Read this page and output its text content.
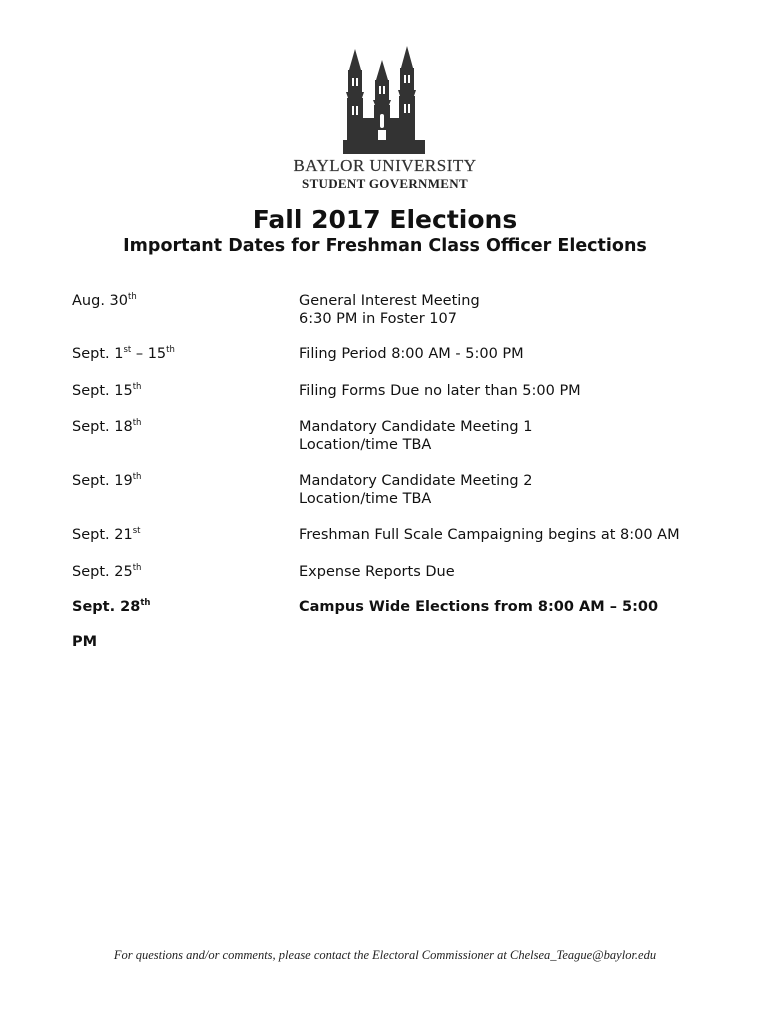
BAYLOR UNIVERSITY
STUDENT GOVERNMENT
Fall 2017 Elections
Important Dates for Freshman Class Officer Elections
Aug. 30th	General Interest Meeting
6:30 PM in Foster 107
Sept. 1st – 15th	Filing Period 8:00 AM - 5:00 PM
Sept. 15th	Filing Forms Due no later than 5:00 PM
Sept. 18th	Mandatory Candidate Meeting 1
Location/time TBA
Sept. 19th	Mandatory Candidate Meeting 2
Location/time TBA
Sept. 21st	Freshman Full Scale Campaigning begins at 8:00 AM
Sept. 25th	Expense Reports Due
Sept. 28th	Campus Wide Elections from 8:00 AM – 5:00
PM
For questions and/or comments, please contact the Electoral Commissioner at Chelsea_Teague@baylor.edu
